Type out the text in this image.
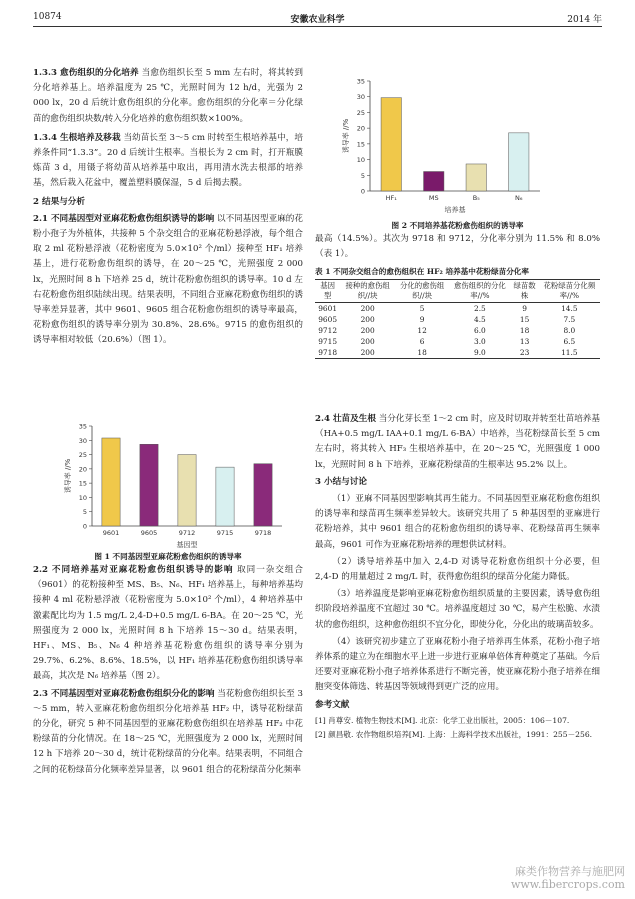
10874	安徽农业科学	2014 年

1.3.3 愈伤组织的分化培养 当愈伤组织长至 5 mm 左右时，将其转到分化培养基上。培养温度为 25 ℃，光照时间为 12 h/d，光强为 2 000 lx，20 d 后统计愈伤组织的分化率。愈伤组织的分化率＝分化绿苗的愈伤组织块数/转入分化培养的愈伤组织数×100%。

1.3.4 生根培养及移栽 当幼苗长至 3～5 cm 时转至生根培养基中，培养条件同“1.3.3”。20 d 后统计生根率。当根长为 2 cm 时，打开瓶膜炼苗 3 d，用镊子将幼苗从培养基中取出，再用清水洗去根部的培养基，然后栽入花盆中，覆盖塑料膜保湿，5 d 后揭去膜。

2 结果与分析

2.1 不同基因型对亚麻花粉愈伤组织诱导的影响 以不同基因型亚麻的花粉小孢子为外植体，共接种 5 个杂交组合的亚麻花粉悬浮液，每个组合取 2 ml 花粉悬浮液（花粉密度为 5.0×10² 个/ml）接种至 HF₁ 培养基上，进行花粉愈伤组织的诱导，在 20～25 ℃，光照强度 2 000 lx，光照时间 8 h 下培养 25 d，统计花粉愈伤组织的诱导率。10 d 左右花粉愈伤组织陆续出现。结果表明，不同组合亚麻花粉愈伤组织的诱导率差异显著，其中 9601、9605 组合花粉愈伤组织的诱导率最高，花粉愈伤组织的诱导率分别为 30.8%、28.6%。9715 的愈伤组织的诱导率相对较低（20.6%）（图 1）。

0
5
10
15
20
25
30
35
9601	9605	9712	9715	9718
基因型
诱导率 //%
图 1 不同基因型亚麻花粉愈伤组织的诱导率

2.2 不同培养基对亚麻花粉愈伤组织诱导的影响 取同一杂交组合（9601）的花粉接种至 MS、B₅、N₆、HF₁ 培养基上，每种培养基均接种 4 ml 花粉悬浮液（花粉密度为 5.0×10² 个/ml），4 种培养基中激素配比均为 1.5 mg/L 2,4-D+0.5 mg/L 6-BA。在 20～25 ℃，光照强度为 2 000 lx，光照时间 8 h 下培养 15～30 d。结果表明，HF₁、MS、B₅、N₆ 4 种培养基花粉愈伤组织的诱导率分别为 29.7%、6.2%、8.6%、18.5%，以 HF₁ 培养基花粉愈伤组织诱导率最高，其次是 N₆ 培养基（图 2）。

2.3 不同基因型对亚麻花粉愈伤组织分化的影响 当花粉愈伤组织长至 3～5 mm，转入亚麻花粉愈伤组织分化培养基 HF₂ 中，诱导花粉绿苗的分化，研究 5 种不同基因型的亚麻花粉愈伤组织在培养基 HF₂ 中花粉绿苗的分化情况。在 18～25 ℃，光照强度为 2 000 lx，光照时间 12 h 下培养 20～30 d，统计花粉绿苗的分化率。结果表明，不同组合之间的花粉绿苗分化频率差异显著，以 9601 组合的花粉绿苗分化频率

0
5
10
15
20
25
30
35
HF₁	MS	B₅	N₆
培养基
诱导率 //%
图 2 不同培养基花粉愈伤组织的诱导率

最高（14.5%）。其次为 9718 和 9712，分化率分别为 11.5% 和 8.0%（表 1）。

表 1 不同杂交组合的愈伤组织在 HF₂ 培养基中花粉绿苗分化率
基因型	接种的愈伤组织//块	分化的愈伤组织//块	愈伤组织的分化率//%	绿苗数株	花粉绿苗分化频率//%
9601	200	5	2.5	9	14.5
9605	200	9	4.5	15	7.5
9712	200	12	6.0	18	8.0
9715	200	6	3.0	13	6.5
9718	200	18	9.0	23	11.5

2.4 壮苗及生根 当分化芽长至 1～2 cm 时，应及时切取并转至壮苗培养基（HA+0.5 mg/L IAA+0.1 mg/L 6-BA）中培养，当花粉绿苗长至 5 cm 左右时，将其转入 HF₃ 生根培养基中，在 20～25 ℃，光照强度 1 000 lx，光照时间 8 h 下培养，亚麻花粉绿苗的生根率达 95.2% 以上。

3 小结与讨论

（1）亚麻不同基因型影响其再生能力。不同基因型亚麻花粉愈伤组织的诱导率和绿苗再生频率差异较大。该研究共用了 5 种基因型的亚麻进行花粉培养，其中 9601 组合的花粉愈伤组织的诱导率、花粉绿苗再生频率最高，9601 可作为亚麻花粉培养的理想供试材料。

（2）诱导培养基中加入 2,4-D 对诱导花粉愈伤组织十分必要，但 2,4-D 的用量超过 2 mg/L 时，获得愈伤组织的绿苗分化能力降低。

（3）培养温度是影响亚麻花粉愈伤组织质量的主要因素，诱导愈伤组织阶段培养温度不宜超过 30 ℃。培养温度超过 30 ℃，易产生松脆、水渍状的愈伤组织，这种愈伤组织不宜分化，即使分化，分化出的玻璃苗较多。

（4）该研究初步建立了亚麻花粉小孢子培养再生体系，花粉小孢子培养体系的建立为在细胞水平上进一步进行亚麻单倍体育种奠定了基础。今后还要对亚麻花粉小孢子培养体系进行不断完善，使亚麻花粉小孢子培养在细胞突变体筛选、转基因等领域得到更广泛的应用。

参考文献

[1] 肖尊安. 植物生物技术[M]. 北京：化学工业出版社，2005：106－107.

[2] 颜昌敬. 农作物组织培养[M]. 上海：上海科学技术出版社，1991：255－256.

麻类作物营养与施肥网
www.fibercrops.com
